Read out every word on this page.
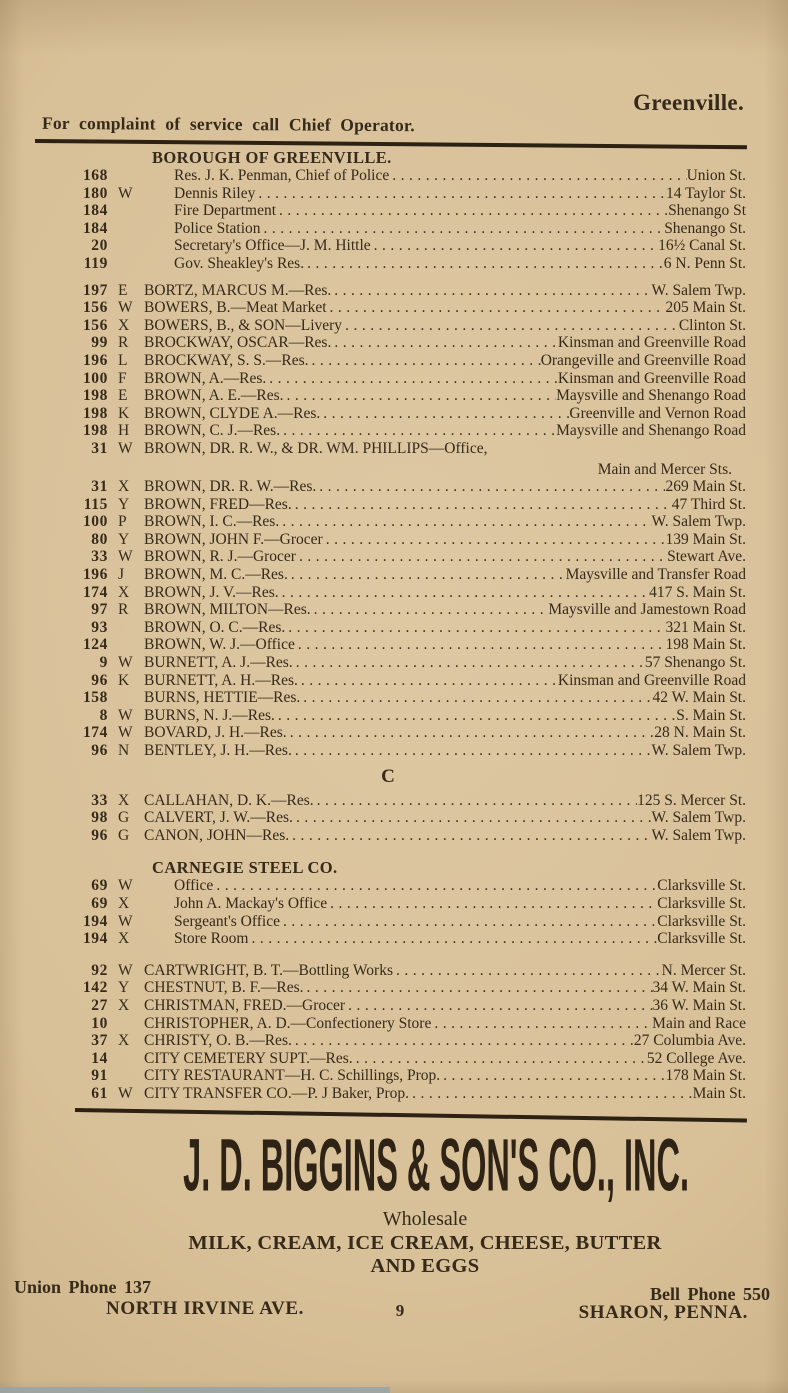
Greenville.
For complaint of service call Chief Operator.
BOROUGH OF GREENVILLE.
168	Res. J. K. Penman, Chief of Police .....	Union St.
180 W	Dennis Riley .....	14 Taylor St.
184	Fire Department .....	Shenango St
184	Police Station .....	Shenango St.
20	Secretary's Office—J. M. Hittle .....	16½ Canal St.
119	Gov. Sheakley's Res. .....	6 N. Penn St.
197 E	BORTZ, MARCUS M.—Res. .....	W. Salem Twp.
156 W BOWERS, B.—Meat Market .....	205 Main St.
156 X BOWERS, B., & SON—Livery .....	Clinton St.
99 R	BROCKWAY, OSCAR—Res. .....	Kinsman and Greenville Road
196 L	BROCKWAY, S. S.—Res. .....	Orangeville and Greenville Road
100 F	BROWN, A.—Res. .....	Kinsman and Greenville Road
198 E	BROWN, A. E.—Res. .....	Maysville and Shenango Road
198 K BROWN, CLYDE A.—Res. .....	Greenville and Vernon Road
198 H BROWN, C. J.—Res. .....	Maysville and Shenango Road
31 W BROWN, DR. R. W., & DR. WM. PHILLIPS—Office,
Main and Mercer Sts.
31 X BROWN, DR. R. W.—Res. .....	269 Main St.
115 Y BROWN, FRED—Res. .....	47 Third St.
100 P	BROWN, I. C.—Res. .....	W. Salem Twp.
80 Y BROWN, JOHN F.—Grocer .....	139 Main St.
33 W BROWN, R. J.—Grocer .....	Stewart Ave.
196 J	BROWN, M. C.—Res. .....	Maysville and Transfer Road
174 X BROWN, J. V.—Res. .....	417 S. Main St.
97 R	BROWN, MILTON—Res. .....	Maysville and Jamestown Road
93 BROWN, O. C.—Res. .....	321 Main St.
124 BROWN, W. J.—Office .....	198 Main St.
9 W BURNETT, A. J.—Res. .....	57 Shenango St.
96 K BURNETT, A. H.—Res. .....	Kinsman and Greenville Road
158 BURNS, HETTIE—Res. .....	42 W. Main St.
8 W BURNS, N. J.—Res. .....	S. Main St.
174 W BOVARD, J. H.—Res. .....	28 N. Main St.
96 N BENTLEY, J. H.—Res. .....	W. Salem Twp.
C
33 X CALLAHAN, D. K.—Res. .....	125 S. Mercer St.
98 G CALVERT, J. W.—Res. .....	W. Salem Twp.
96 G CANON, JOHN—Res. .....	W. Salem Twp.
CARNEGIE STEEL CO.
69 W	Office .....	Clarksville St.
69 X	John A. Mackay's Office .....	Clarksville St.
194 W	Sergeant's Office .....	Clarksville St.
194 X	Store Room .....	Clarksville St.
92 W CARTWRIGHT, B. T.—Bottling Works .....	N. Mercer St.
142 Y CHESTNUT, B. F.—Res. .....	34 W. Main St.
27 X CHRISTMAN, FRED.—Grocer .....	36 W. Main St.
10 CHRISTOPHER, A. D.—Confectionery Store .....	Main and Race
37 X CHRISTY, O. B.—Res. .....	27 Columbia Ave.
14 CITY CEMETERY SUPT.—Res. .....	52 College Ave.
91 CITY RESTAURANT—H. C. Schillings, Prop. .....	178 Main St.
61 W CITY TRANSFER CO.—P. J Baker, Prop. .....	Main St.
J. D. BIGGINS & SON'S CO., INC.
Wholesale
MILK, CREAM, ICE CREAM, CHEESE, BUTTER
AND EGGS
Union Phone 137
NORTH IRVINE AVE.
Bell Phone 550
SHARON, PENNA.
9
